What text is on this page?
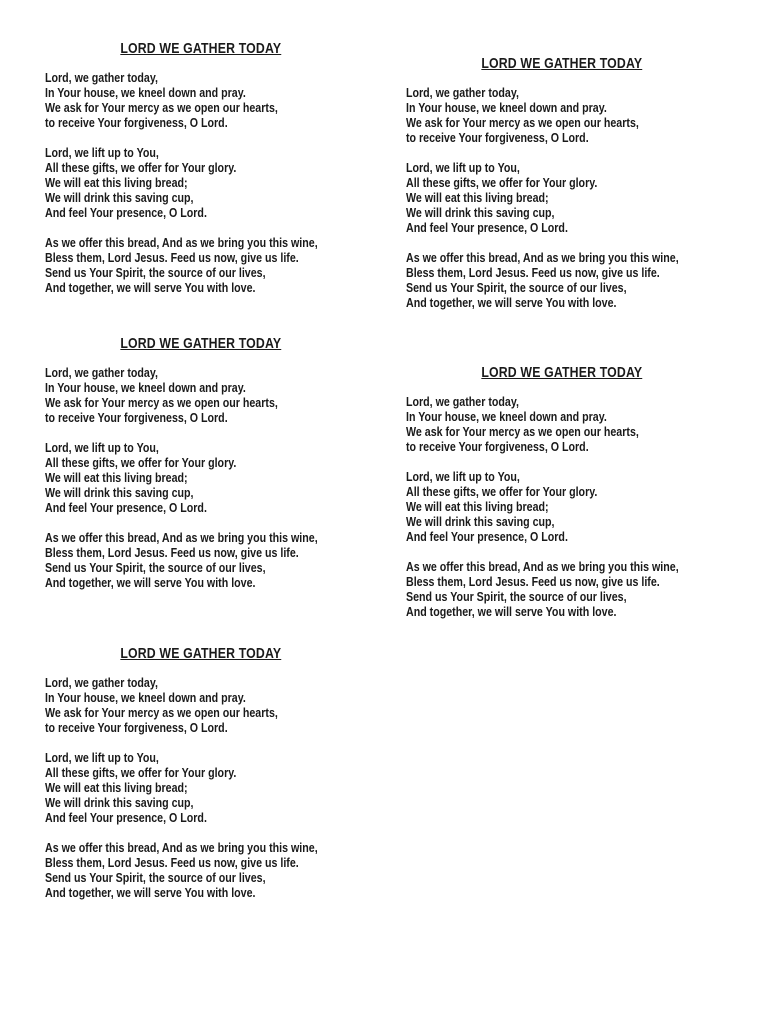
LORD WE GATHER TODAY

Lord, we gather today,
In Your house, we kneel down and pray.
We ask for Your mercy as we open our hearts,
to receive Your forgiveness, O Lord.

Lord, we lift up to You,
All these gifts, we offer for Your glory.
We will eat this living bread;
We will drink this saving cup,
And feel Your presence, O Lord.

As we offer this bread, And as we bring you this wine,
Bless them, Lord Jesus. Feed us now, give us life.
Send us Your Spirit, the source of our lives,
And together, we will serve You with love.

LORD WE GATHER TODAY

Lord, we gather today,
In Your house, we kneel down and pray.
We ask for Your mercy as we open our hearts,
to receive Your forgiveness, O Lord.

Lord, we lift up to You,
All these gifts, we offer for Your glory.
We will eat this living bread;
We will drink this saving cup,
And feel Your presence, O Lord.

As we offer this bread, And as we bring you this wine,
Bless them, Lord Jesus. Feed us now, give us life.
Send us Your Spirit, the source of our lives,
And together, we will serve You with love.

LORD WE GATHER TODAY

Lord, we gather today,
In Your house, we kneel down and pray.
We ask for Your mercy as we open our hearts,
to receive Your forgiveness, O Lord.

Lord, we lift up to You,
All these gifts, we offer for Your glory.
We will eat this living bread;
We will drink this saving cup,
And feel Your presence, O Lord.

As we offer this bread, And as we bring you this wine,
Bless them, Lord Jesus. Feed us now, give us life.
Send us Your Spirit, the source of our lives,
And together, we will serve You with love.

LORD WE GATHER TODAY

Lord, we gather today,
In Your house, we kneel down and pray.
We ask for Your mercy as we open our hearts,
to receive Your forgiveness, O Lord.

Lord, we lift up to You,
All these gifts, we offer for Your glory.
We will eat this living bread;
We will drink this saving cup,
And feel Your presence, O Lord.

As we offer this bread, And as we bring you this wine,
Bless them, Lord Jesus. Feed us now, give us life.
Send us Your Spirit, the source of our lives,
And together, we will serve You with love.

LORD WE GATHER TODAY

Lord, we gather today,
In Your house, we kneel down and pray.
We ask for Your mercy as we open our hearts,
to receive Your forgiveness, O Lord.

Lord, we lift up to You,
All these gifts, we offer for Your glory.
We will eat this living bread;
We will drink this saving cup,
And feel Your presence, O Lord.

As we offer this bread, And as we bring you this wine,
Bless them, Lord Jesus. Feed us now, give us life.
Send us Your Spirit, the source of our lives,
And together, we will serve You with love.
